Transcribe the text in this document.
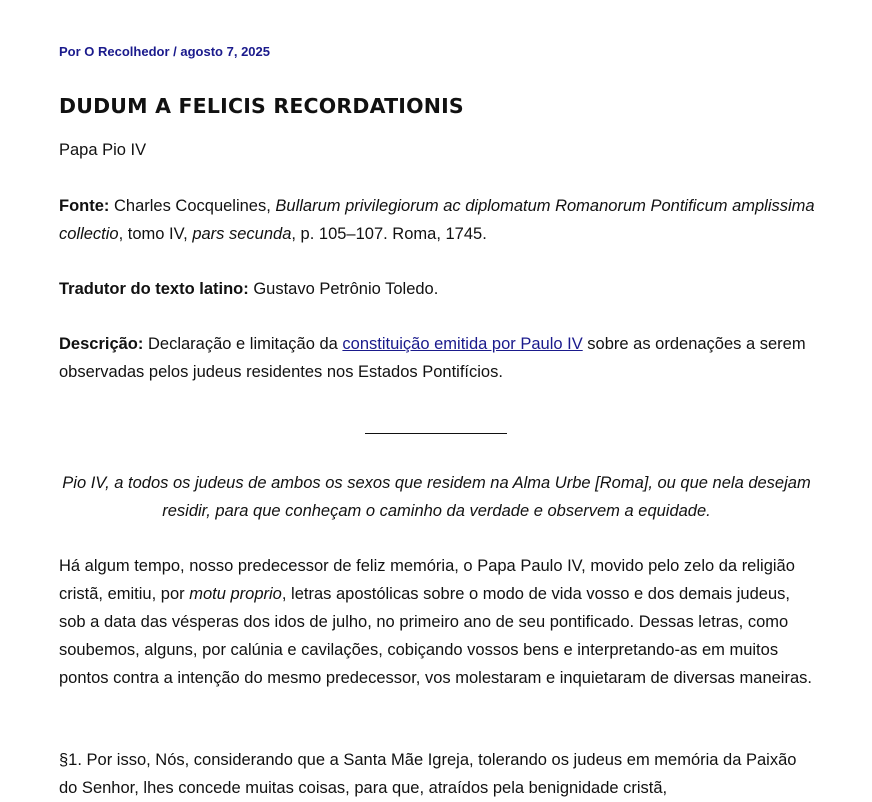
Por O Recolhedor / agosto 7, 2025
DUDUM A FELICIS RECORDATIONIS

Papa Pio IV

Fonte: Charles Cocquelines, Bullarum privilegiorum ac diplomatum Romanorum Pontificum amplissima collectio, tomo IV, pars secunda, p. 105–107. Roma, 1745.

Tradutor do texto latino: Gustavo Petrônio Toledo.

Descrição: Declaração e limitação da constituição emitida por Paulo IV sobre as ordenações a serem observadas pelos judeus residentes nos Estados Pontifícios.

Pio IV, a todos os judeus de ambos os sexos que residem na Alma Urbe [Roma], ou que nela desejam residir, para que conheçam o caminho da verdade e observem a equidade.

Há algum tempo, nosso predecessor de feliz memória, o Papa Paulo IV, movido pelo zelo da religião cristã, emitiu, por motu proprio, letras apostólicas sobre o modo de vida vosso e dos demais judeus, sob a data das vésperas dos idos de julho, no primeiro ano de seu pontificado. Dessas letras, como soubemos, alguns, por calúnia e cavilações, cobiçando vossos bens e interpretando-as em muitos pontos contra a intenção do mesmo predecessor, vos molestaram e inquietaram de diversas maneiras.

§1. Por isso, Nós, considerando que a Santa Mãe Igreja, tolerando os judeus em memória da Paixão do Senhor, lhes concede muitas coisas, para que, atraídos pela benignidade cristã,
